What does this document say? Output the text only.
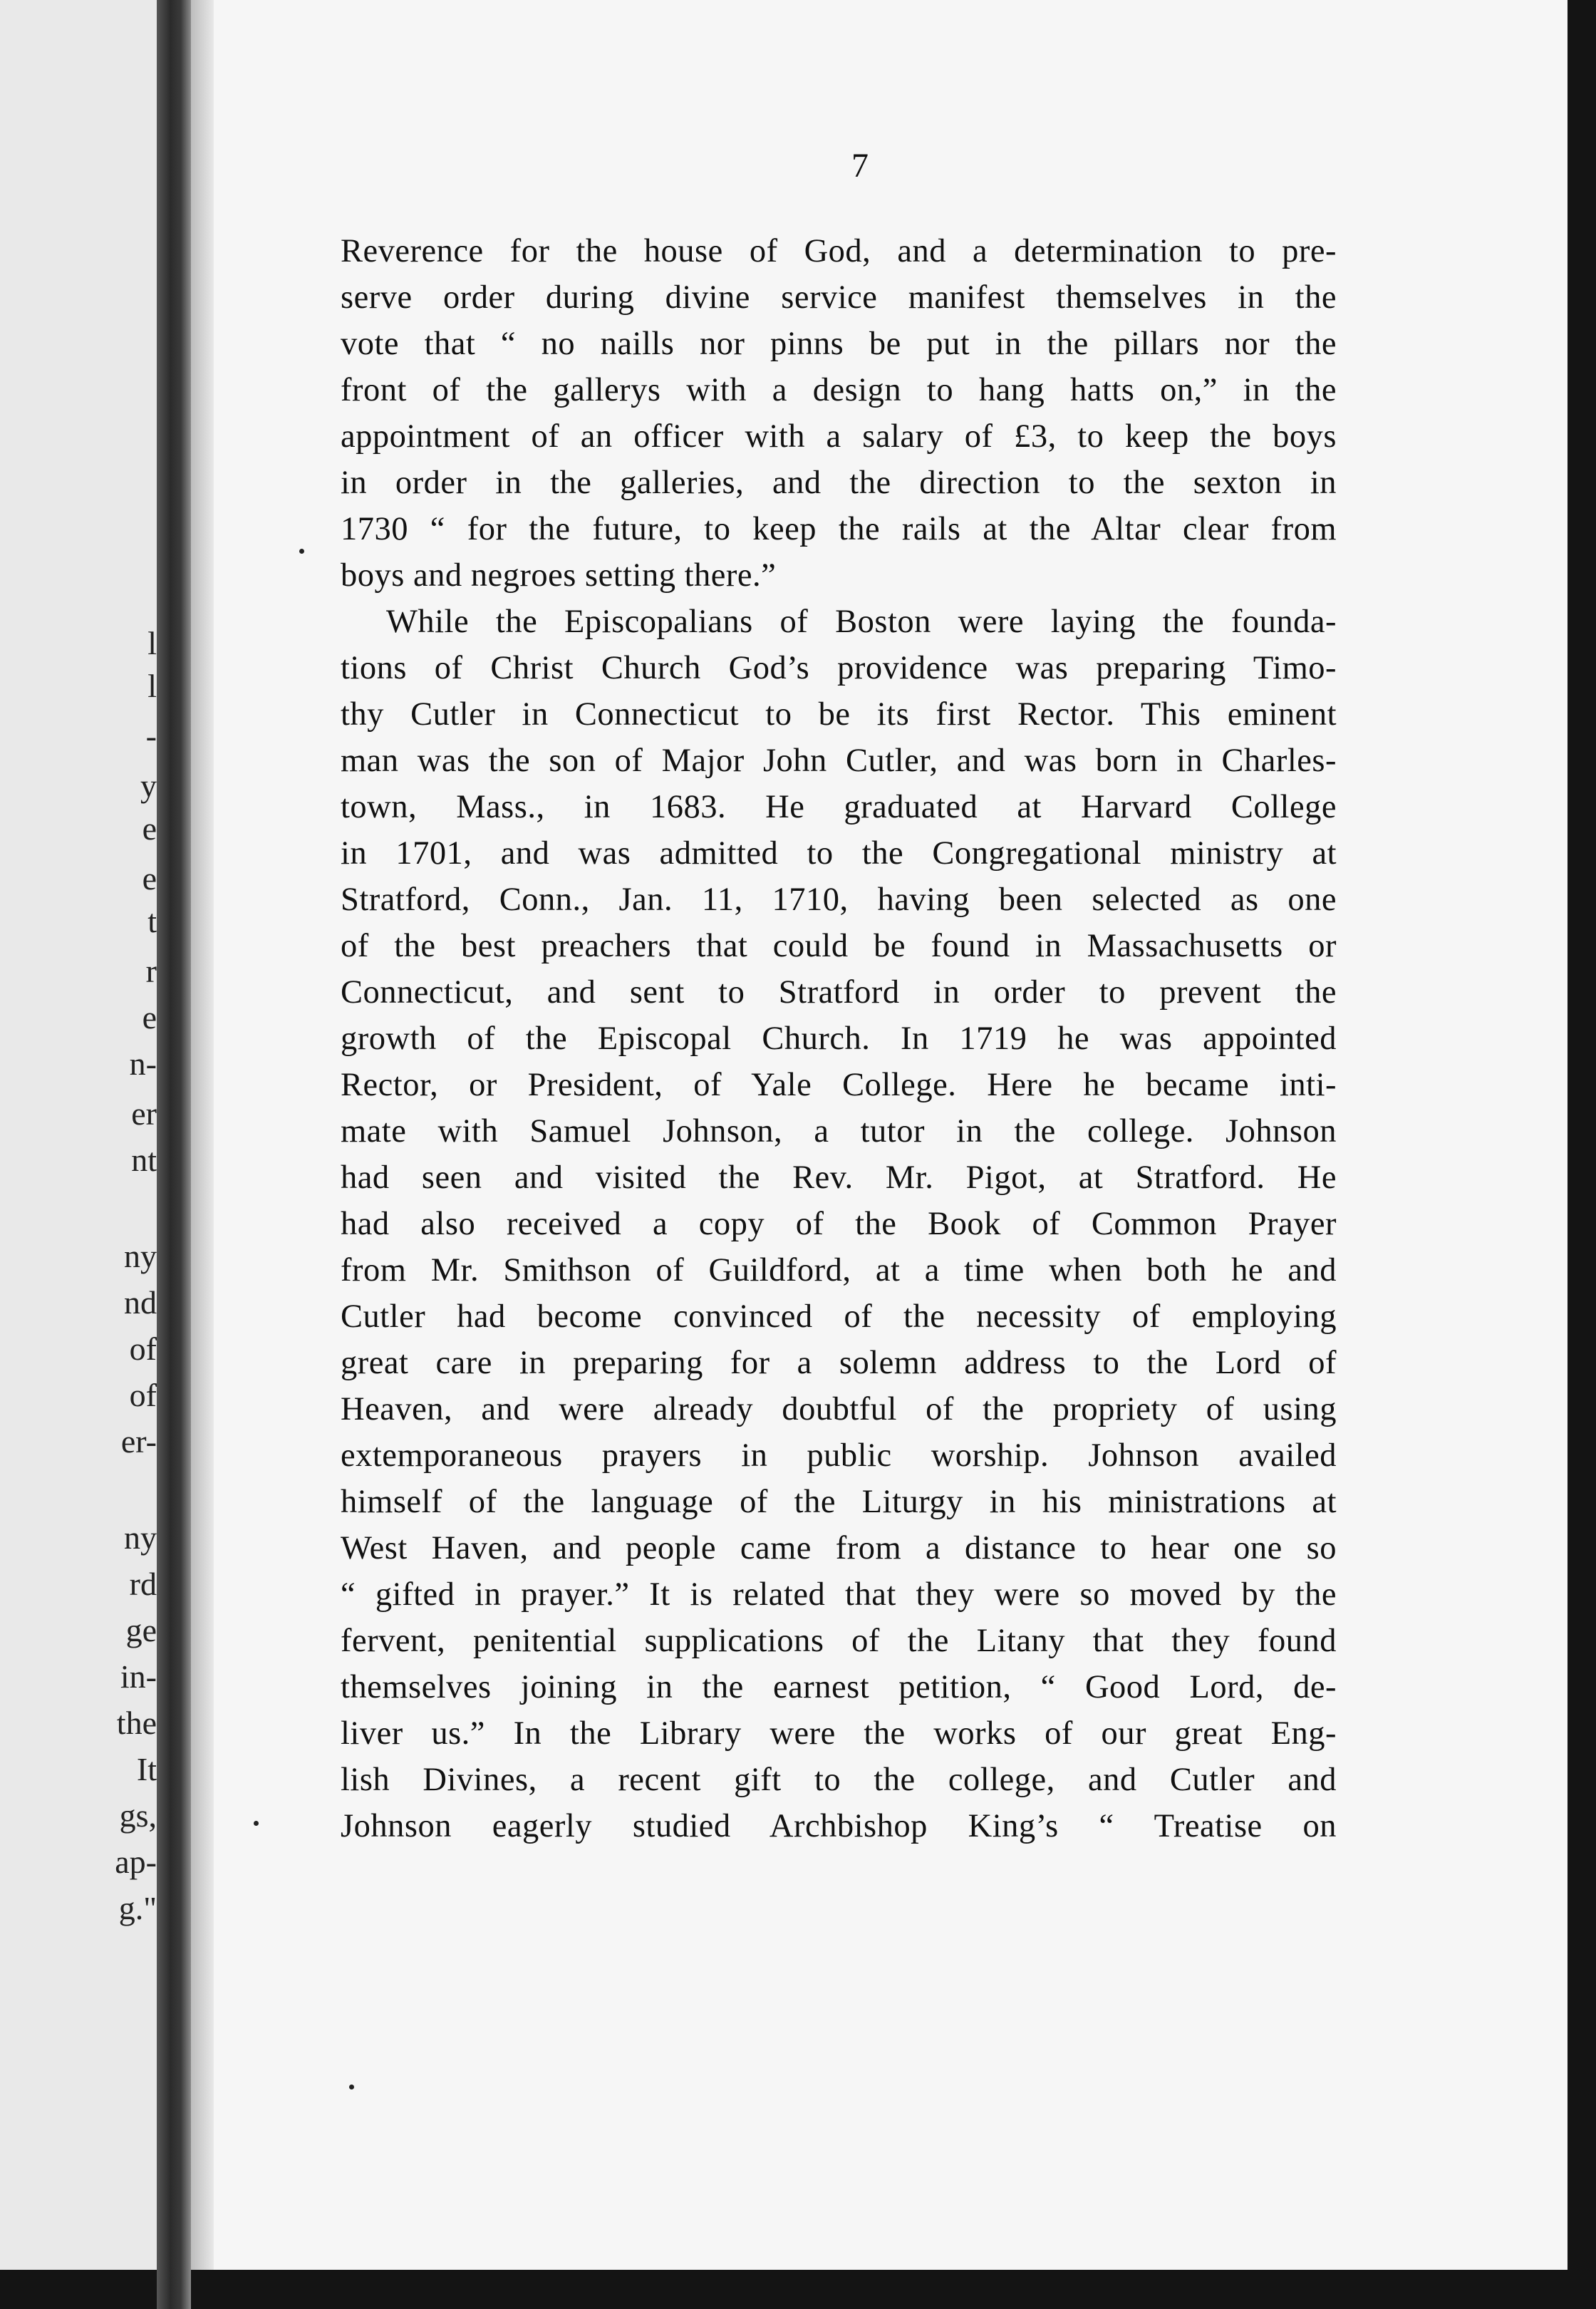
l
l
-
y
e
e
t
r
e
n-
er
nt
ny
nd
of
of
er-
ny
rd
ge
in-
the
It
gs,
ap-
g."
7
Reverence for the house of God, and a determination to pre-
serve order during divine service manifest themselves in the
vote that “ no naills nor pinns be put in the pillars nor the
front of the gallerys with a design to hang hatts on,” in the
appointment of an officer with a salary of £3, to keep the boys
in order in the galleries, and the direction to the sexton in
1730 “ for the future, to keep the rails at the Altar clear from
boys and negroes setting there.”
While the Episcopalians of Boston were laying the founda-
tions of Christ Church God’s providence was preparing Timo-
thy Cutler in Connecticut to be its first Rector. This eminent
man was the son of Major John Cutler, and was born in Charles-
town, Mass., in 1683. He graduated at Harvard College
in 1701, and was admitted to the Congregational ministry at
Stratford, Conn., Jan. 11, 1710, having been selected as one
of the best preachers that could be found in Massachusetts or
Connecticut, and sent to Stratford in order to prevent the
growth of the Episcopal Church. In 1719 he was appointed
Rector, or President, of Yale College. Here he became inti-
mate with Samuel Johnson, a tutor in the college. Johnson
had seen and visited the Rev. Mr. Pigot, at Stratford. He
had also received a copy of the Book of Common Prayer
from Mr. Smithson of Guildford, at a time when both he and
Cutler had become convinced of the necessity of employing
great care in preparing for a solemn address to the Lord of
Heaven, and were already doubtful of the propriety of using
extemporaneous prayers in public worship. Johnson availed
himself of the language of the Liturgy in his ministrations at
West Haven, and people came from a distance to hear one so
“ gifted in prayer.” It is related that they were so moved by the
fervent, penitential supplications of the Litany that they found
themselves joining in the earnest petition, “ Good Lord, de-
liver us.” In the Library were the works of our great Eng-
lish Divines, a recent gift to the college, and Cutler and
Johnson eagerly studied Archbishop King’s “ Treatise on
